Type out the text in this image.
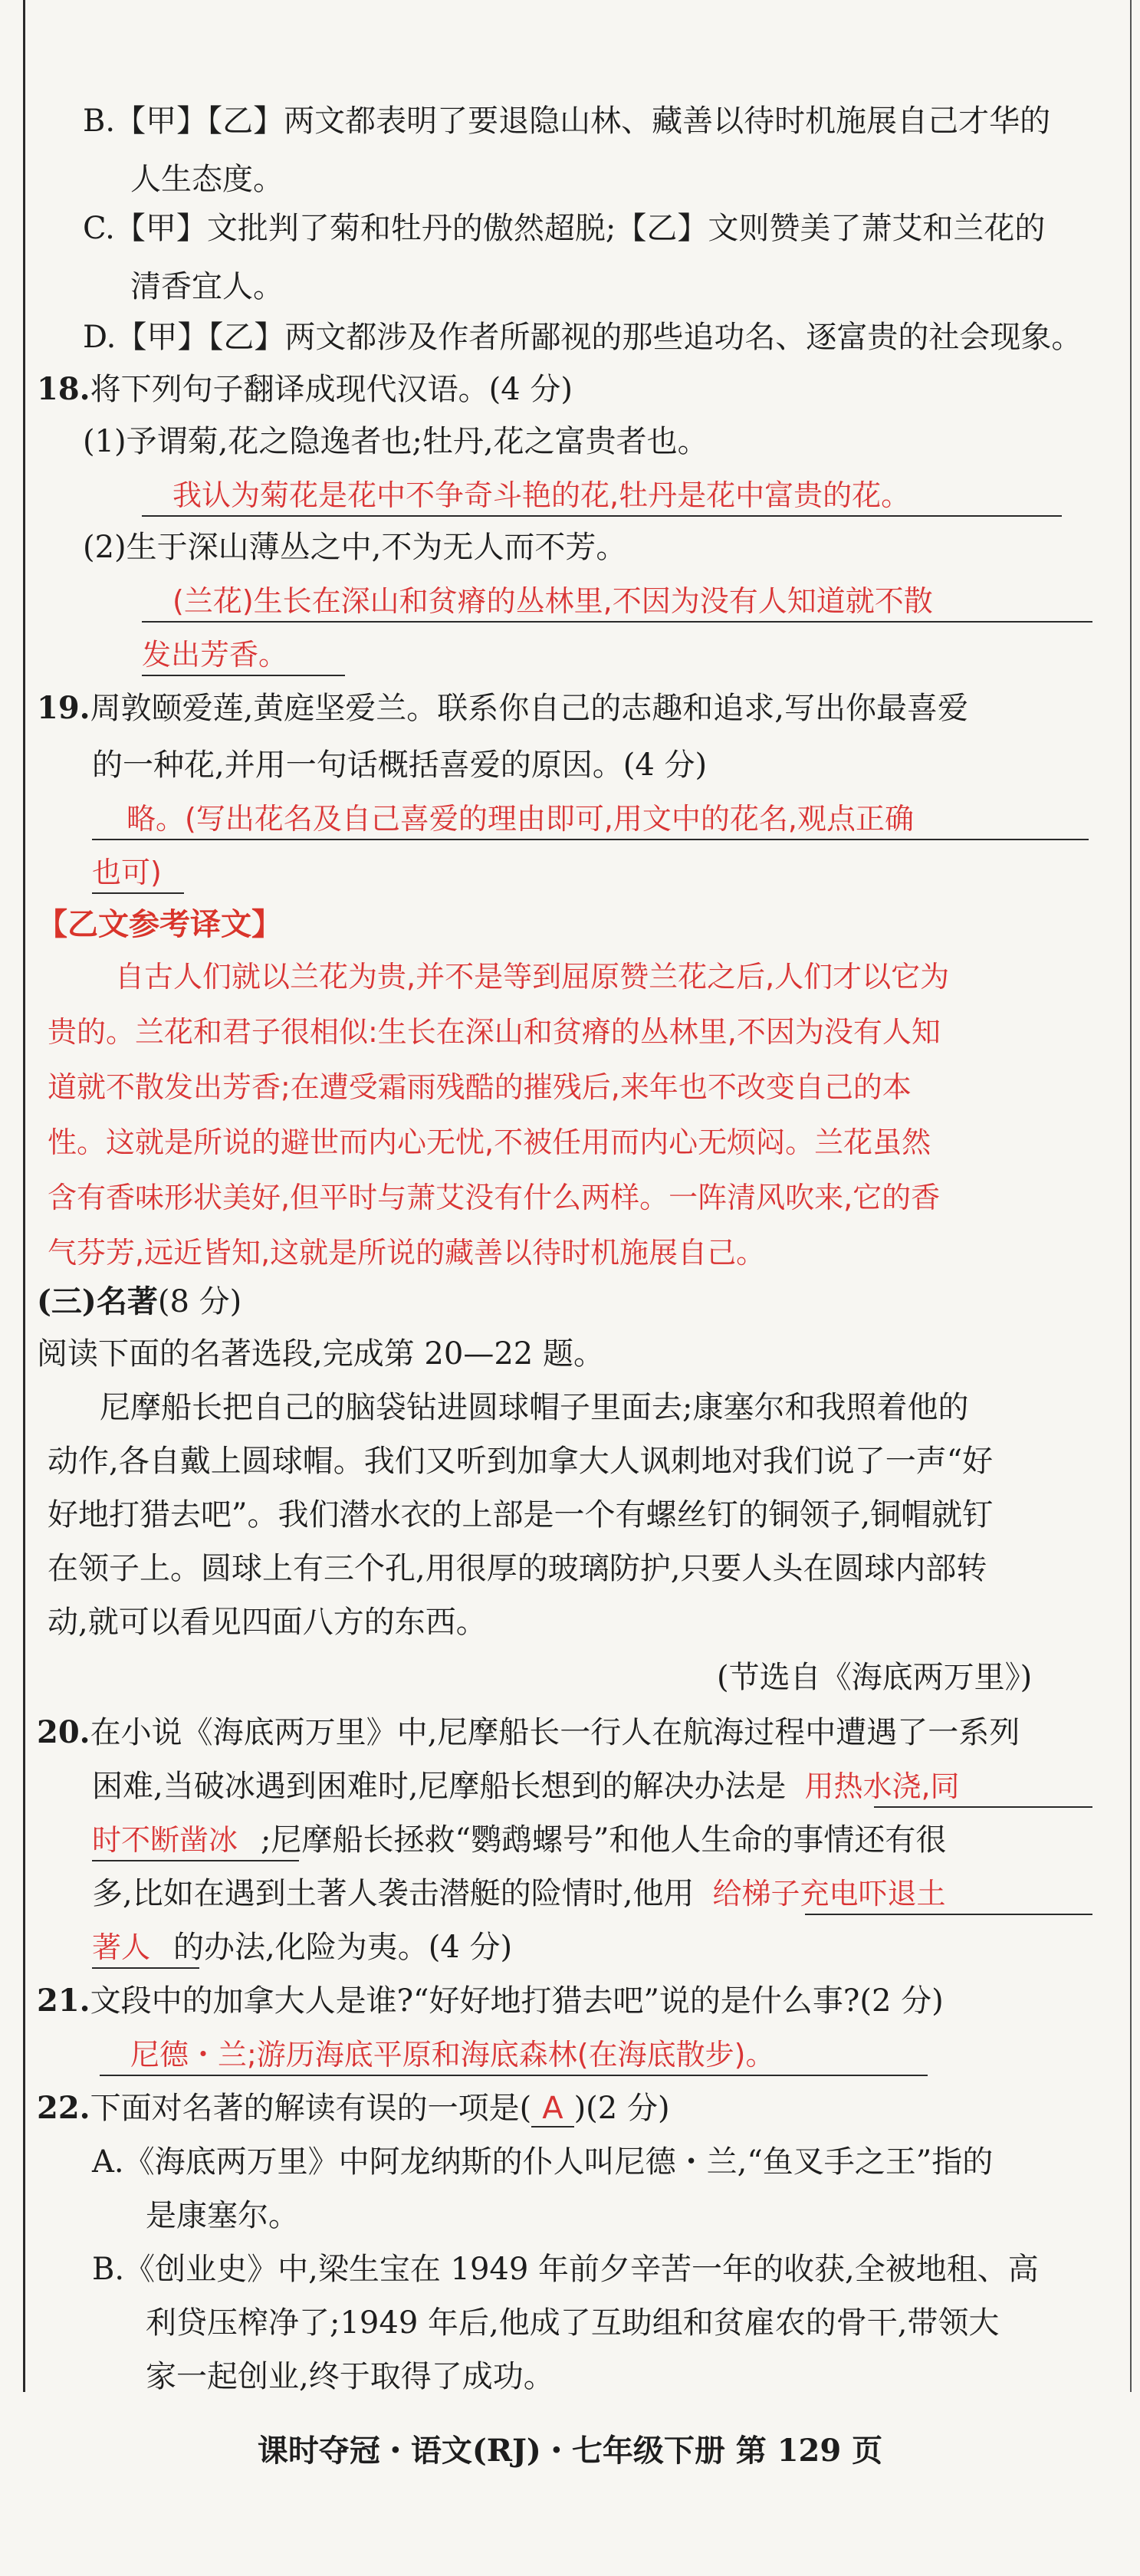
B.【甲】【乙】两文都表明了要退隐山林、藏善以待时机施展自己才华的
人生态度。
C.【甲】文批判了菊和牡丹的傲然超脱;【乙】文则赞美了萧艾和兰花的
清香宜人。
D.【甲】【乙】两文都涉及作者所鄙视的那些追功名、逐富贵的社会现象。
18.将下列句子翻译成现代汉语。(4 分)
(1)予谓菊,花之隐逸者也;牡丹,花之富贵者也。
我认为菊花是花中不争奇斗艳的花,牡丹是花中富贵的花。
(2)生于深山薄丛之中,不为无人而不芳。
(兰花)生长在深山和贫瘠的丛林里,不因为没有人知道就不散
发出芳香。
19.周敦颐爱莲,黄庭坚爱兰。联系你自己的志趣和追求,写出你最喜爱
的一种花,并用一句话概括喜爱的原因。(4 分)
略。(写出花名及自己喜爱的理由即可,用文中的花名,观点正确
也可)
【乙文参考译文】
自古人们就以兰花为贵,并不是等到屈原赞兰花之后,人们才以它为
贵的。兰花和君子很相似:生长在深山和贫瘠的丛林里,不因为没有人知
道就不散发出芳香;在遭受霜雨残酷的摧残后,来年也不改变自己的本
性。这就是所说的避世而内心无忧,不被任用而内心无烦闷。兰花虽然
含有香味形状美好,但平时与萧艾没有什么两样。一阵清风吹来,它的香
气芬芳,远近皆知,这就是所说的藏善以待时机施展自己。
(三)名著(8 分)
阅读下面的名著选段,完成第 20—22 题。
尼摩船长把自己的脑袋钻进圆球帽子里面去;康塞尔和我照着他的
动作,各自戴上圆球帽。我们又听到加拿大人讽刺地对我们说了一声“好
好地打猎去吧”。我们潜水衣的上部是一个有螺丝钉的铜领子,铜帽就钉
在领子上。圆球上有三个孔,用很厚的玻璃防护,只要人头在圆球内部转
动,就可以看见四面八方的东西。
(节选自《海底两万里》)
20.在小说《海底两万里》中,尼摩船长一行人在航海过程中遭遇了一系列
困难,当破冰遇到困难时,尼摩船长想到的解决办法是 用热水浇,同
时不断凿冰 ;尼摩船长拯救“鹦鹉螺号”和他人生命的事情还有很
多,比如在遇到土著人袭击潜艇的险情时,他用 给梯子充电吓退土
著人 的办法,化险为夷。(4 分)
21.文段中的加拿大人是谁?“好好地打猎去吧”说的是什么事?(2 分)
尼德・兰;游历海底平原和海底森林(在海底散步)。
22.下面对名著的解读有误的一项是( A )(2 分)
A.《海底两万里》中阿龙纳斯的仆人叫尼德・兰,“鱼叉手之王”指的
是康塞尔。
B.《创业史》中,梁生宝在 1949 年前夕辛苦一年的收获,全被地租、高
利贷压榨净了;1949 年后,他成了互助组和贫雇农的骨干,带领大
家一起创业,终于取得了成功。
课时夺冠・语文(RJ)・七年级下册 第 129 页
